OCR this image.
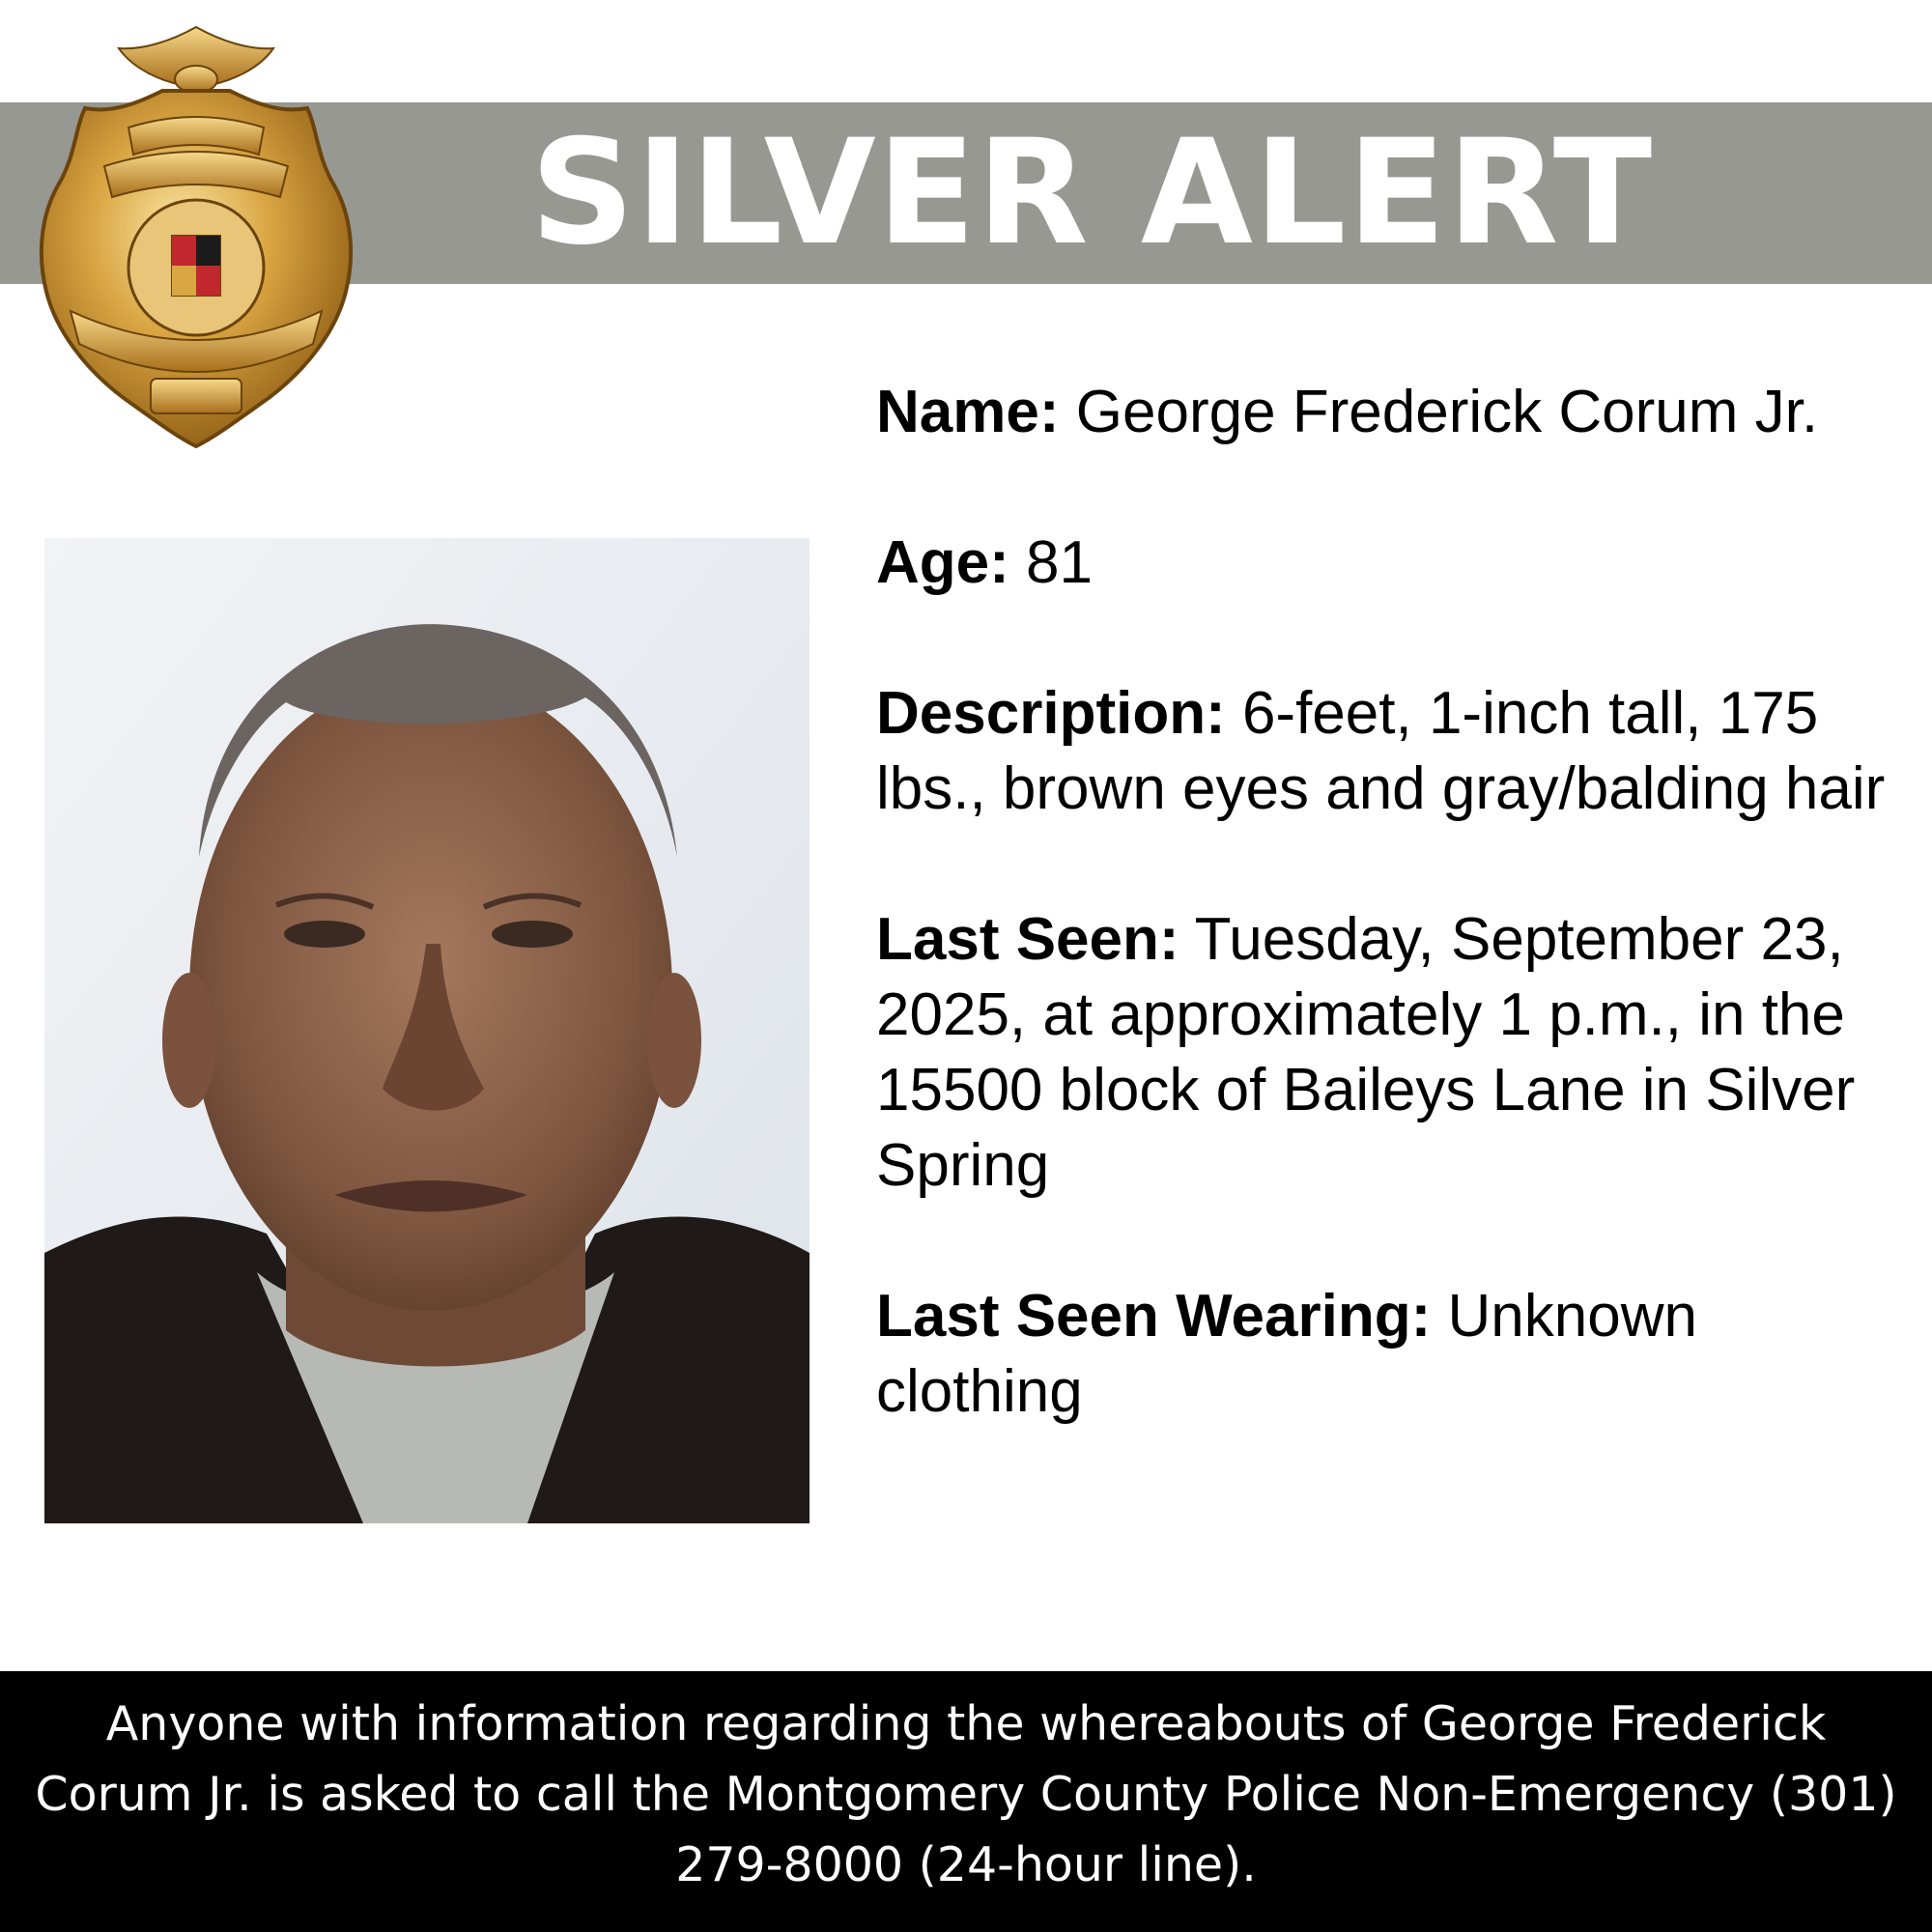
SILVER ALERT
Name: George Frederick Corum Jr.
Age: 81
Description: 6-feet, 1-inch tall, 175 lbs., brown eyes and gray/balding hair
Last Seen: Tuesday, September 23, 2025, at approximately 1 p.m., in the 15500 block of Baileys Lane in Silver Spring
Last Seen Wearing: Unknown clothing
Anyone with information regarding the whereabouts of George Frederick
Corum Jr. is asked to call the Montgomery County Police Non-Emergency (301)
279-8000 (24-hour line).
